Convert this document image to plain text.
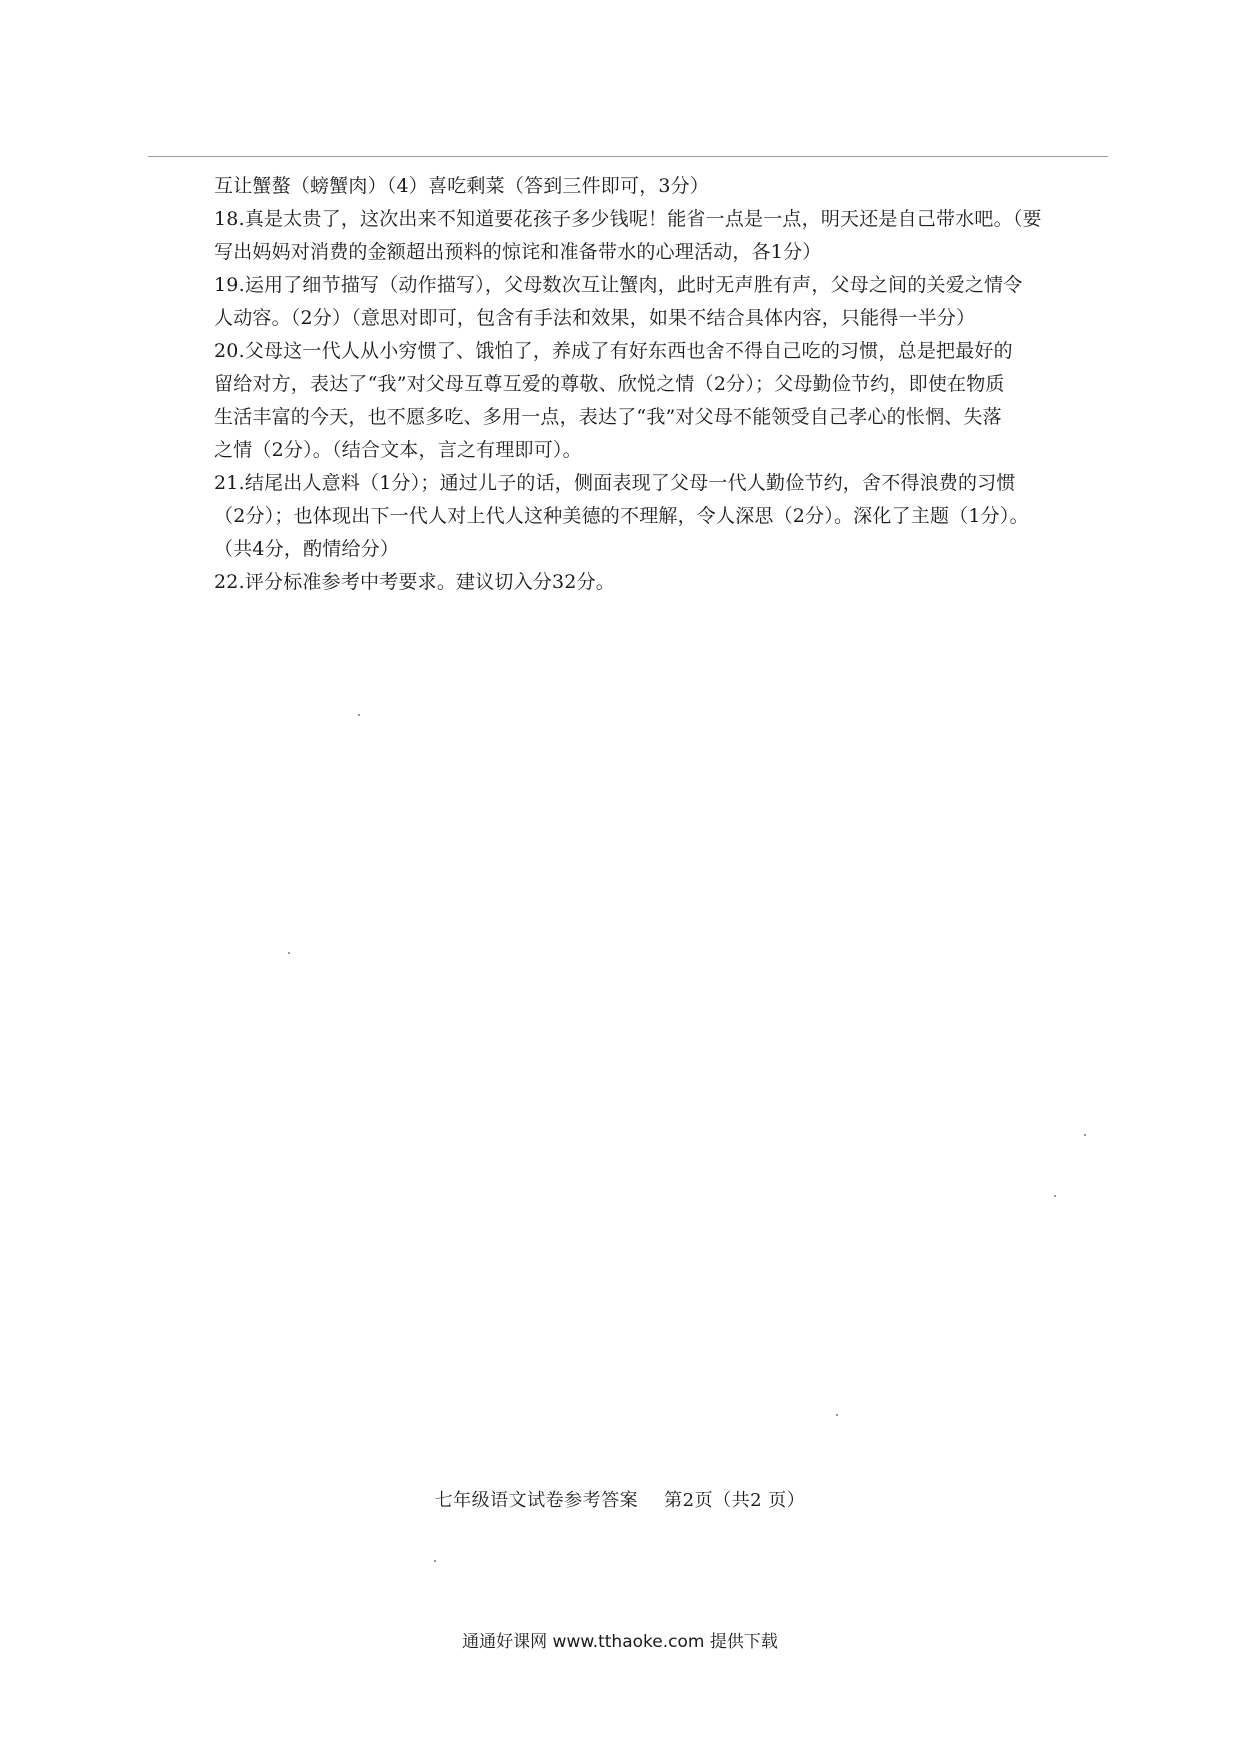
互让蟹螯（螃蟹肉）（4）喜吃剩菜（答到三件即可，3分）
18.真是太贵了，这次出来不知道要花孩子多少钱呢！能省一点是一点，明天还是自己带水吧。（要
写出妈妈对消费的金额超出预料的惊诧和准备带水的心理活动，各1分）
19.运用了细节描写（动作描写），父母数次互让蟹肉，此时无声胜有声，父母之间的关爱之情令
人动容。（2分）（意思对即可，包含有手法和效果，如果不结合具体内容，只能得一半分）
20.父母这一代人从小穷惯了、饿怕了，养成了有好东西也舍不得自己吃的习惯，总是把最好的
留给对方，表达了“我”对父母互尊互爱的尊敬、欣悦之情（2分）；父母勤俭节约，即使在物质
生活丰富的今天，也不愿多吃、多用一点，表达了“我”对父母不能领受自己孝心的怅惘、失落
之情（2分）。（结合文本，言之有理即可）。
21.结尾出人意料（1分）；通过儿子的话，侧面表现了父母一代人勤俭节约，舍不得浪费的习惯
（2分）；也体现出下一代人对上代人这种美德的不理解，令人深思（2分）。深化了主题（1分）。
（共4分，酌情给分）
22.评分标准参考中考要求。建议切入分32分。
七年级语文试卷参考答案 第2页（共2 页）
通通好课网 www.tthaoke.com 提供下载
